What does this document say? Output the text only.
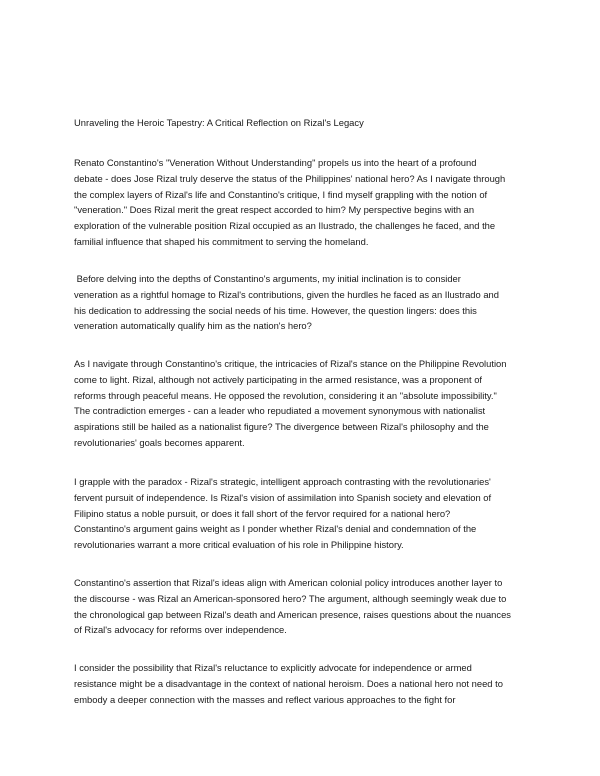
Unraveling the Heroic Tapestry: A Critical Reflection on Rizal's Legacy
Renato Constantino's "Veneration Without Understanding" propels us into the heart of a profound
debate - does Jose Rizal truly deserve the status of the Philippines' national hero? As I navigate through
the complex layers of Rizal's life and Constantino's critique, I find myself grappling with the notion of
"veneration." Does Rizal merit the great respect accorded to him? My perspective begins with an
exploration of the vulnerable position Rizal occupied as an Ilustrado, the challenges he faced, and the
familial influence that shaped his commitment to serving the homeland.
Before delving into the depths of Constantino's arguments, my initial inclination is to consider
veneration as a rightful homage to Rizal's contributions, given the hurdles he faced as an Ilustrado and
his dedication to addressing the social needs of his time. However, the question lingers: does this
veneration automatically qualify him as the nation's hero?
As I navigate through Constantino's critique, the intricacies of Rizal's stance on the Philippine Revolution
come to light. Rizal, although not actively participating in the armed resistance, was a proponent of
reforms through peaceful means. He opposed the revolution, considering it an "absolute impossibility."
The contradiction emerges - can a leader who repudiated a movement synonymous with nationalist
aspirations still be hailed as a nationalist figure? The divergence between Rizal's philosophy and the
revolutionaries' goals becomes apparent.
I grapple with the paradox - Rizal's strategic, intelligent approach contrasting with the revolutionaries'
fervent pursuit of independence. Is Rizal's vision of assimilation into Spanish society and elevation of
Filipino status a noble pursuit, or does it fall short of the fervor required for a national hero?
Constantino's argument gains weight as I ponder whether Rizal's denial and condemnation of the
revolutionaries warrant a more critical evaluation of his role in Philippine history.
Constantino's assertion that Rizal's ideas align with American colonial policy introduces another layer to
the discourse - was Rizal an American-sponsored hero? The argument, although seemingly weak due to
the chronological gap between Rizal's death and American presence, raises questions about the nuances
of Rizal's advocacy for reforms over independence.
I consider the possibility that Rizal's reluctance to explicitly advocate for independence or armed
resistance might be a disadvantage in the context of national heroism. Does a national hero not need to
embody a deeper connection with the masses and reflect various approaches to the fight for
